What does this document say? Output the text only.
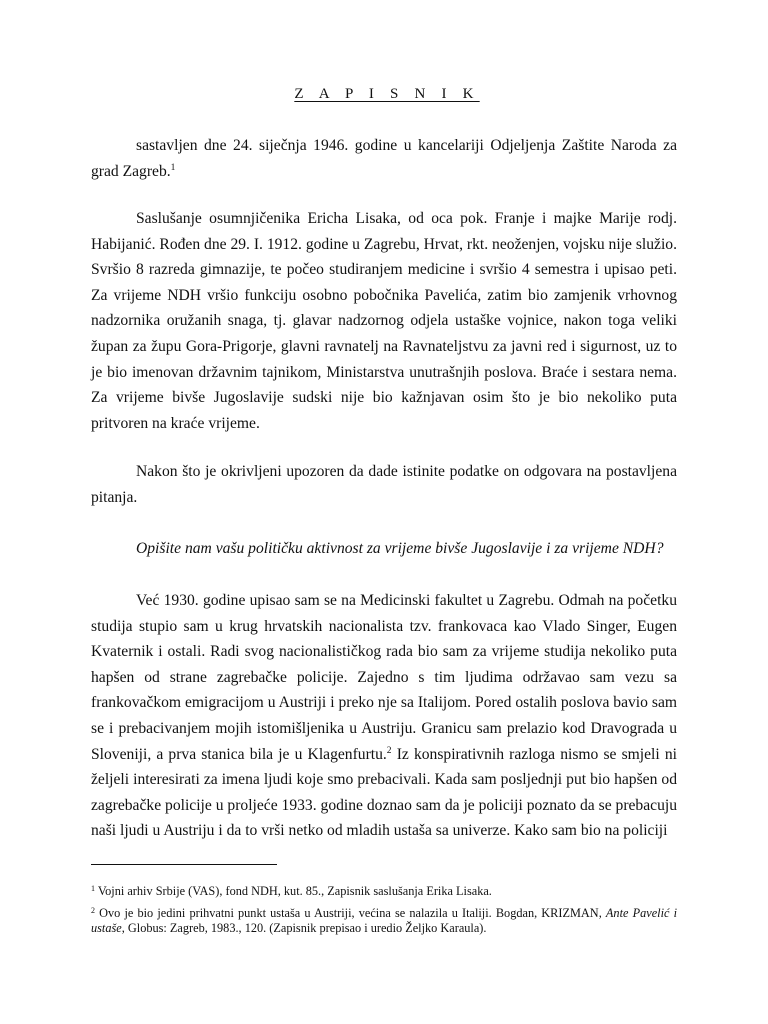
Z A P I S N I K

sastavljen dne 24. siječnja 1946. godine u kancelariji Odjeljenja Zaštite Naroda za grad Zagreb.$^1$

Saslušanje osumnjičenika Ericha Lisaka, od oca pok. Franje i majke Marije rodj. Habijanić. Rođen dne 29. I. 1912. godine u Zagrebu, Hrvat, rkt. neoženjen, vojsku nije služio. Svršio 8 razreda gimnazije, te počeo studiranjem medicine i svršio 4 semestra i upisao peti. Za vrijeme NDH vršio funkciju osobno pobočnika Pavelića, zatim bio zamjenik vrhovnog nadzornika oružanih snaga, tj. glavar nadzornog odjela ustaške vojnice, nakon toga veliki župan za župu Gora-Prigorje, glavni ravnatelj na Ravnateljstvu za javni red i sigurnost, uz to je bio imenovan državnim tajnikom, Ministarstva unutrašnjih poslova. Braće i sestara nema. Za vrijeme bivše Jugoslavije sudski nije bio kažnjavan osim što je bio nekoliko puta pritvoren na kraće vrijeme.

Nakon što je okrivljeni upozoren da dade istinite podatke on odgovara na postavljena pitanja.

Opišite nam vašu političku aktivnost za vrijeme bivše Jugoslavije i za vrijeme NDH?

Već 1930. godine upisao sam se na Medicinski fakultet u Zagrebu. Odmah na početku studija stupio sam u krug hrvatskih nacionalista tzv. frankovaca kao Vlado Singer, Eugen Kvaternik i ostali. Radi svog nacionalističkog rada bio sam za vrijeme studija nekoliko puta hapšen od strane zagrebačke policije. Zajedno s tim ljudima održavao sam vezu sa frankovačkom emigracijom u Austriji i preko nje sa Italijom. Pored ostalih poslova bavio sam se i prebacivanjem mojih istomišljenika u Austriju. Granicu sam prelazio kod Dravograda u Sloveniji, a prva stanica bila je u Klagenfurtu.$^2$ Iz konspirativnih razloga nismo se smjeli ni željeli interesirati za imena ljudi koje smo prebacivali. Kada sam posljednji put bio hapšen od zagrebačke policije u proljeće 1933. godine doznao sam da je policiji poznato da se prebacuju naši ljudi u Austriju i da to vrši netko od mladih ustaša sa univerze. Kako sam bio na policiji

$^1$ Vojni arhiv Srbije (VAS), fond NDH, kut. 85., Zapisnik saslušanja Erika Lisaka.

$^2$ Ovo je bio jedini prihvatni punkt ustaša u Austriji, većina se nalazila u Italiji. Bogdan, KRIZMAN, Ante Pavelić i ustaše, Globus: Zagreb, 1983., 120. (Zapisnik prepisao i uredio Željko Karaula).
